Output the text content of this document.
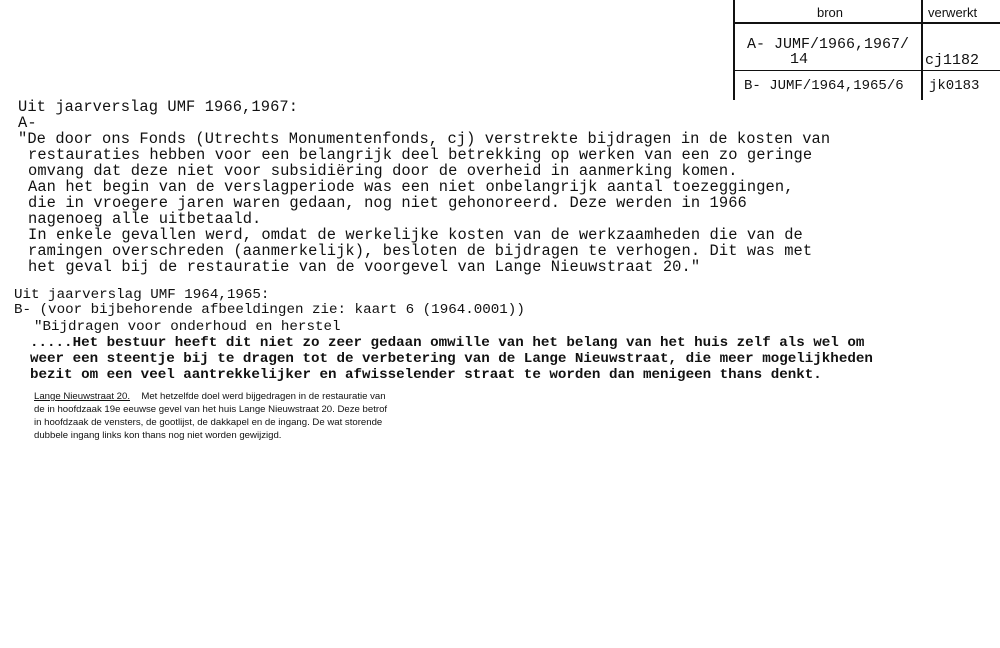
bron	verwerkt
A- JUMF/1966,1967/
14	cj1182
B- JUMF/1964,1965/6 jk0183
Uit jaarverslag UMF 1966,1967:
A-
"De door ons Fonds (Utrechts Monumentenfonds, cj) verstrekte bijdragen in de kosten van
restauraties hebben voor een belangrijk deel betrekking op werken van een zo geringe
omvang dat deze niet voor subsidiëring door de overheid in aanmerking komen.
Aan het begin van de verslagperiode was een niet onbelangrijk aantal toezeggingen,
die in vroegere jaren waren gedaan, nog niet gehonoreerd. Deze werden in 1966
nagenoeg alle uitbetaald.
In enkele gevallen werd, omdat de werkelijke kosten van de werkzaamheden die van de
ramingen overschreden (aanmerkelijk), besloten de bijdragen te verhogen. Dit was met
het geval bij de restauratie van de voorgevel van Lange Nieuwstraat 20."
Uit jaarverslag UMF 1964,1965:
B- (voor bijbehorende afbeeldingen zie: kaart 6 (1964.0001))
"Bijdragen voor onderhoud en herstel
.....Het bestuur heeft dit niet zo zeer gedaan omwille van het belang van het huis zelf als wel om
weer een steentje bij te dragen tot de verbetering van de Lange Nieuwstraat, die meer mogelijkheden
bezit om een veel aantrekkelijker en afwisselender straat te worden dan menigeen thans denkt.
Lange Nieuwstraat 20. Met hetzelfde doel werd bijgedragen in de restauratie van
de in hoofdzaak 19e eeuwse gevel van het huis Lange Nieuwstraat 20. Deze betrof
in hoofdzaak de vensters, de gootlijst, de dakkapel en de ingang. De wat storende
dubbele ingang links kon thans nog niet worden gewijzigd.
